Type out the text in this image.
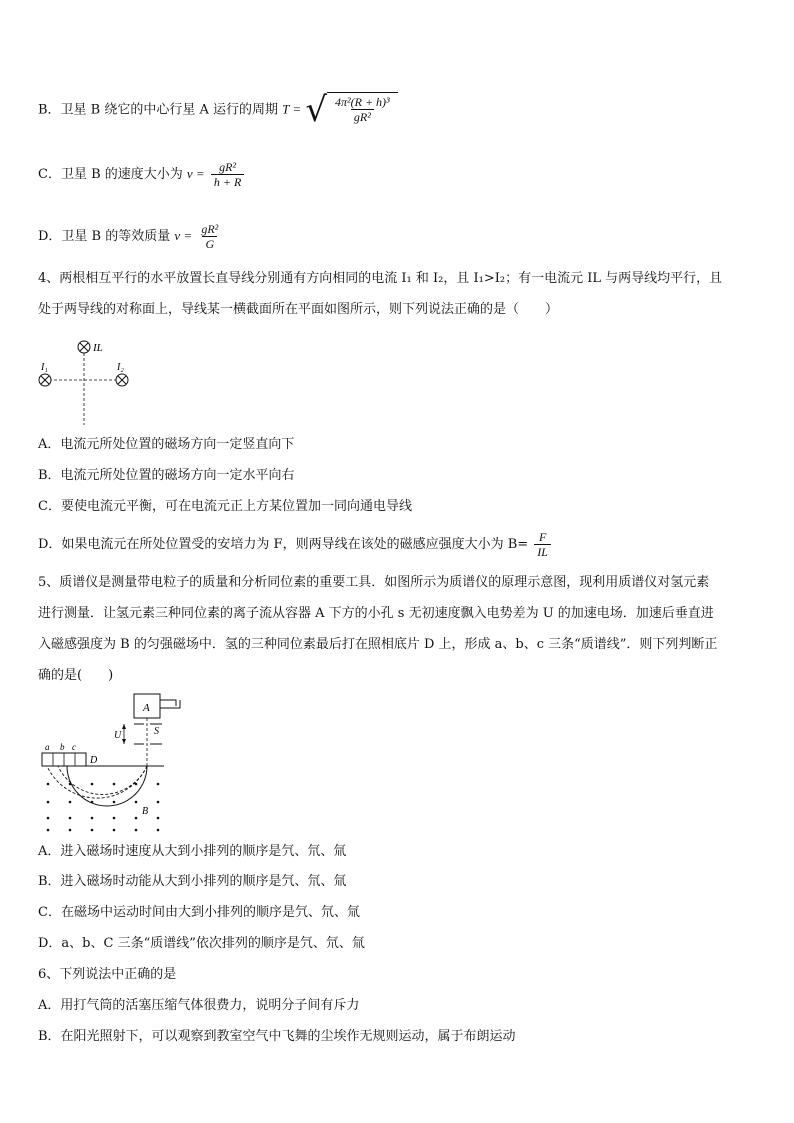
B．卫星 B 绕它的中心行星 A 运行的周期 T = √ $\frac{\text{4π²(R + h)³}}{\text{gR²}}$
C．卫星 B 的速度大小为 $v = \frac{\text{gR²}}{h + R}$
D．卫星 B 的等效质量 $v = \frac{\text{gR²}}{G}$
4、两根相互平行的水平放置长直导线分别通有方向相同的电流 I₁ 和 I₂，且 I₁>I₂；有一电流元 IL 与两导线均平行，且
处于两导线的对称面上，导线某一横截面所在平面如图所示，则下列说法正确的是（　　）
IL
I₁	I₂
A．电流元所处位置的磁场方向一定竖直向下
B．电流元所处位置的磁场方向一定水平向右
C．要使电流元平衡，可在电流元正上方某位置加一同向通电导线
D．如果电流元在所处位置受的安培力为 F，则两导线在该处的磁感应强度大小为 $B= \frac{F}{IL}$
5、质谱仪是测量带电粒子的质量和分析同位素的重要工具．如图所示为质谱仪的原理示意图，现利用质谱仪对氢元素
进行测量．让氢元素三种同位素的离子流从容器 A 下方的小孔 s 无初速度飘入电势差为 U 的加速电场．加速后垂直进
入磁感强度为 B 的匀强磁场中．氢的三种同位素最后打在照相底片 D 上，形成 a、b、c 三条“质谱线”．则下列判断正
确的是(　　)
A
U	S
a b c
D
B
A．进入磁场时速度从大到小排列的顺序是氕、氘、氚
B．进入磁场时动能从大到小排列的顺序是氕、氘、氚
C．在磁场中运动时间由大到小排列的顺序是氕、氘、氚
D．a、b、C 三条“质谱线”依次排列的顺序是氕、氘、氚
6、下列说法中正确的是
A．用打气筒的活塞压缩气体很费力，说明分子间有斥力
B．在阳光照射下，可以观察到教室空气中飞舞的尘埃作无规则运动，属于布朗运动
